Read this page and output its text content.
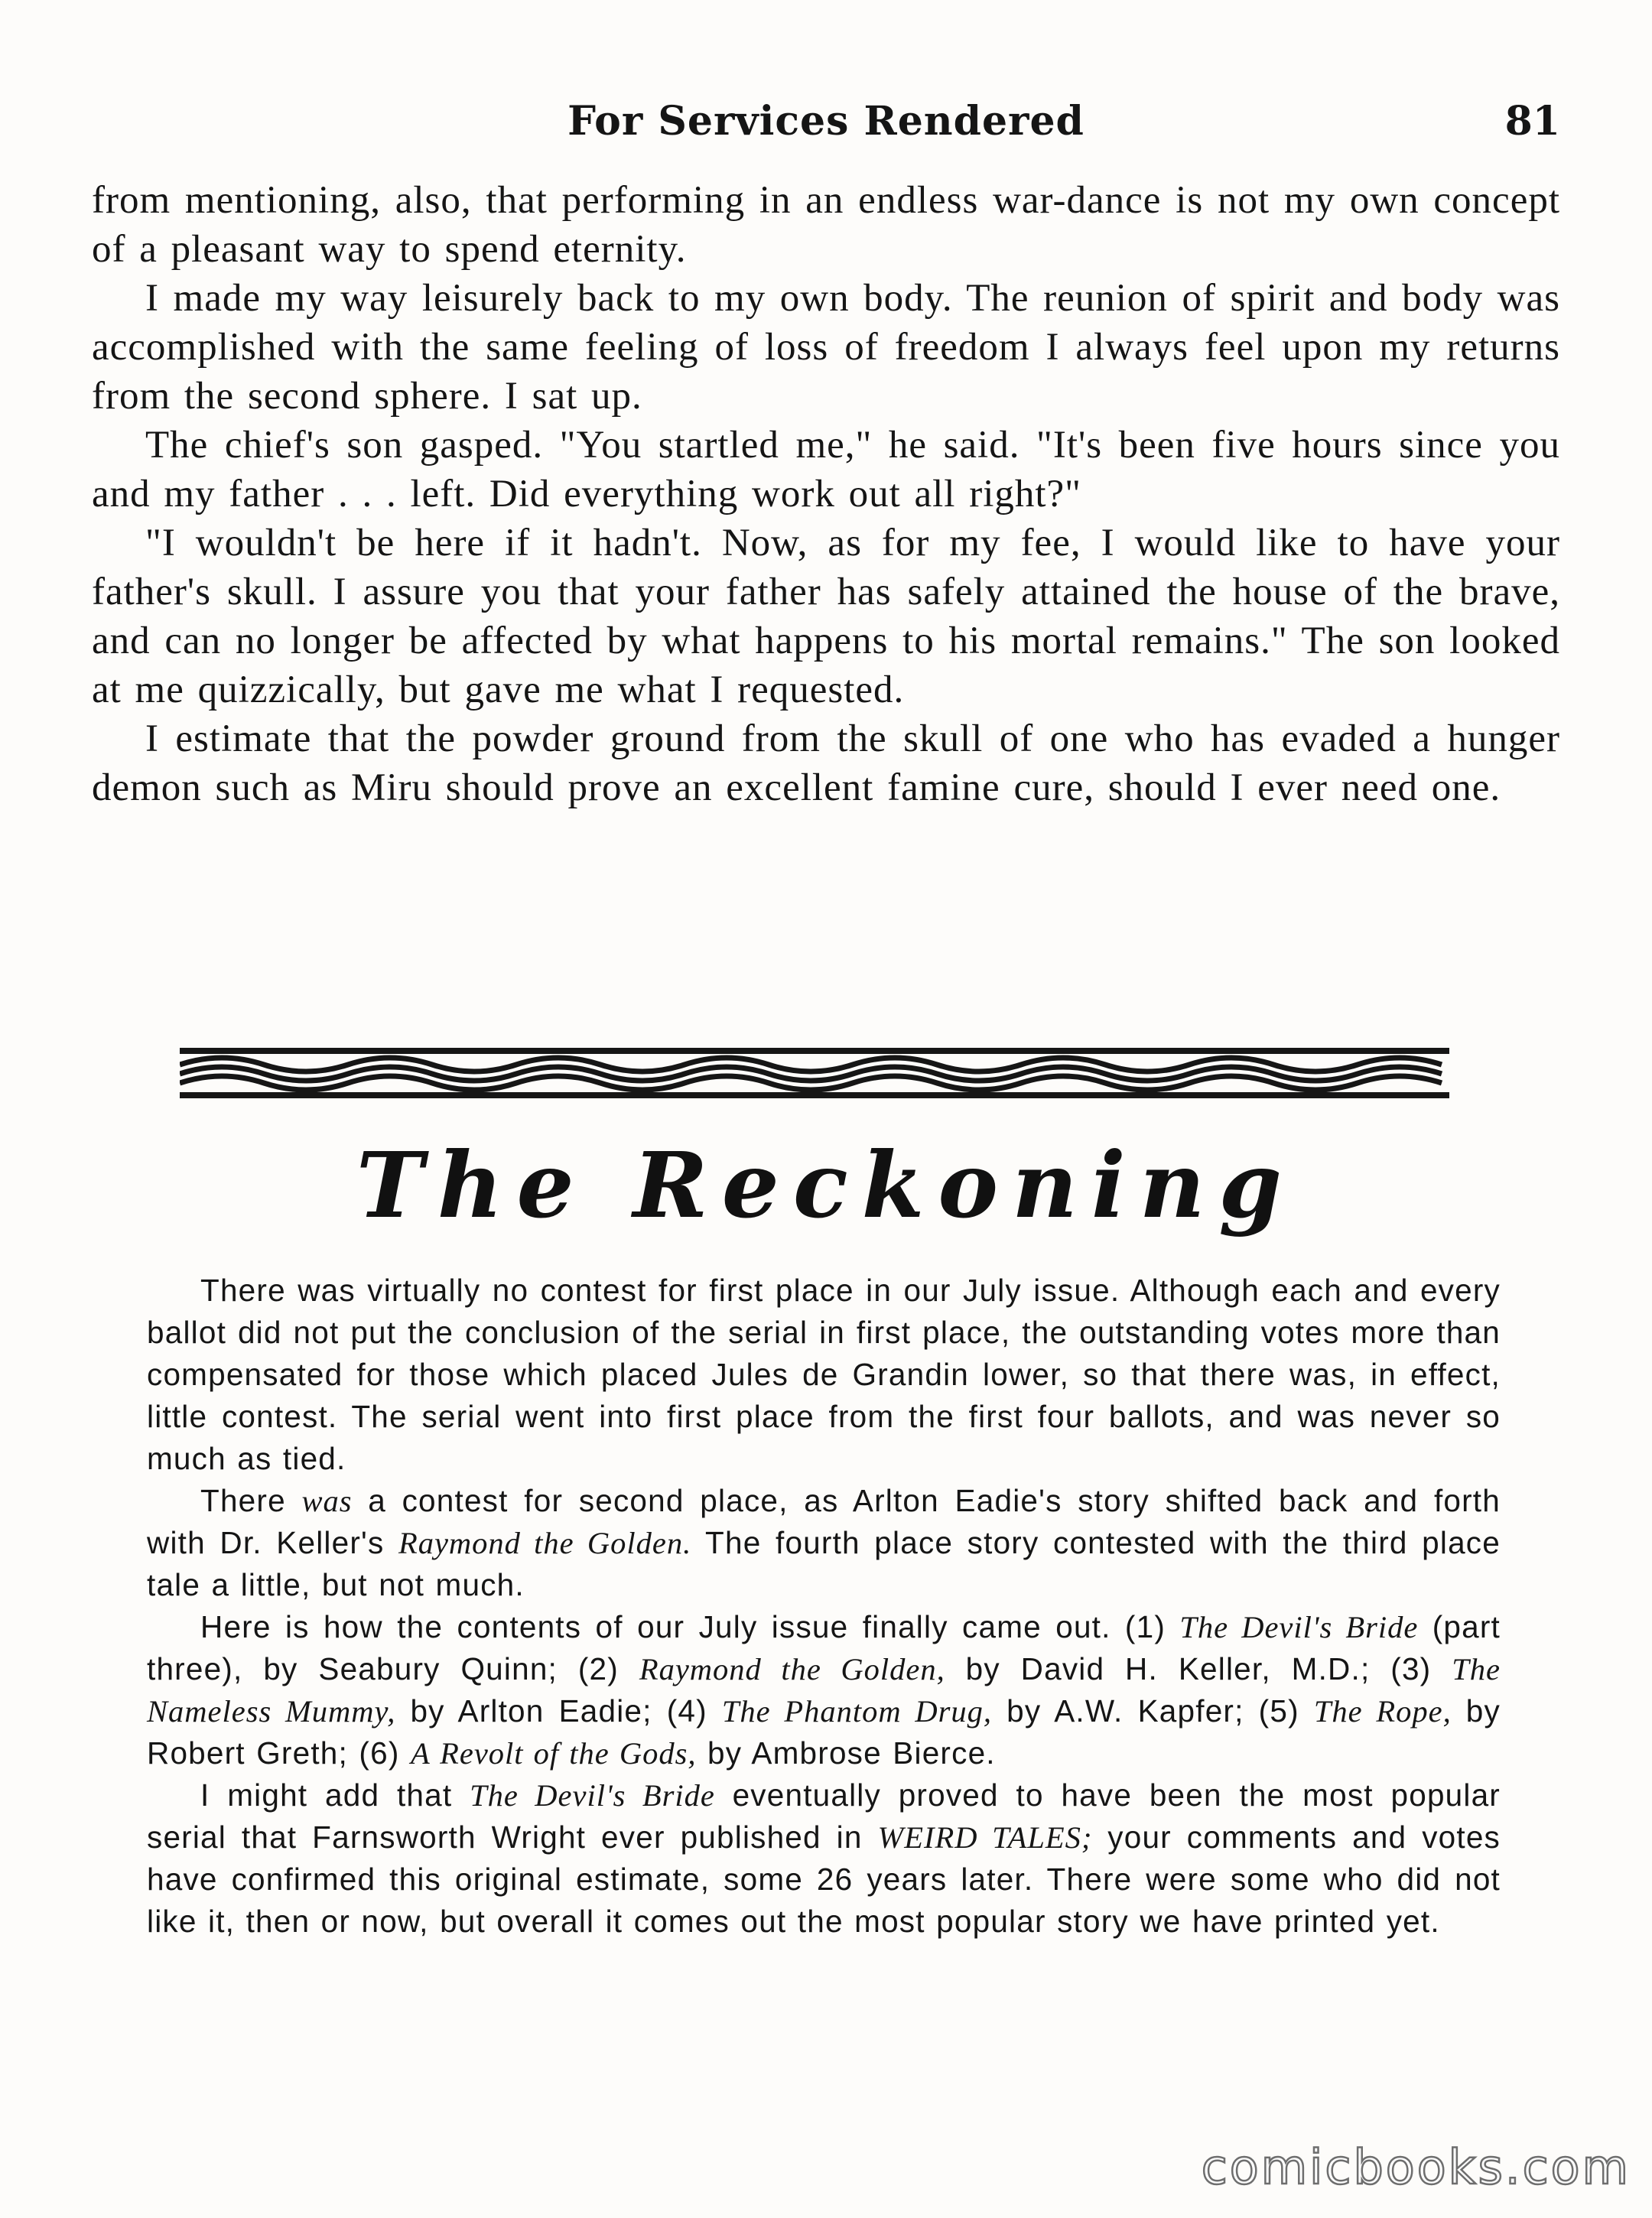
For Services Rendered	81

from mentioning, also, that performing in an endless war-dance is not my own concept of a pleasant way to spend eternity.

I made my way leisurely back to my own body. The reunion of spirit and body was accomplished with the same feeling of loss of freedom I always feel upon my returns from the second sphere. I sat up.

The chief's son gasped. "You startled me," he said. "It's been five hours since you and my father . . . left. Did everything work out all right?"

"I wouldn't be here if it hadn't. Now, as for my fee, I would like to have your father's skull. I assure you that your father has safely attained the house of the brave, and can no longer be affected by what happens to his mortal remains." The son looked at me quizzically, but gave me what I requested.

I estimate that the powder ground from the skull of one who has evaded a hunger demon such as Miru should prove an excellent famine cure, should I ever need one.

The Reckoning

There was virtually no contest for first place in our July issue. Although each and every ballot did not put the conclusion of the serial in first place, the outstanding votes more than compensated for those which placed Jules de Grandin lower, so that there was, in effect, little contest. The serial went into first place from the first four ballots, and was never so much as tied.

There was a contest for second place, as Arlton Eadie's story shifted back and forth with Dr. Keller's Raymond the Golden. The fourth place story contested with the third place tale a little, but not much.

Here is how the contents of our July issue finally came out. (1) The Devil's Bride (part three), by Seabury Quinn; (2) Raymond the Golden, by David H. Keller, M.D.; (3) The Nameless Mummy, by Arlton Eadie; (4) The Phantom Drug, by A.W. Kapfer; (5) The Rope, by Robert Greth; (6) A Revolt of the Gods, by Ambrose Bierce.

I might add that The Devil's Bride eventually proved to have been the most popular serial that Farnsworth Wright ever published in WEIRD TALES; your comments and votes have confirmed this original estimate, some 26 years later. There were some who did not like it, then or now, but overall it comes out the most popular story we have printed yet.

comicbooks.com
